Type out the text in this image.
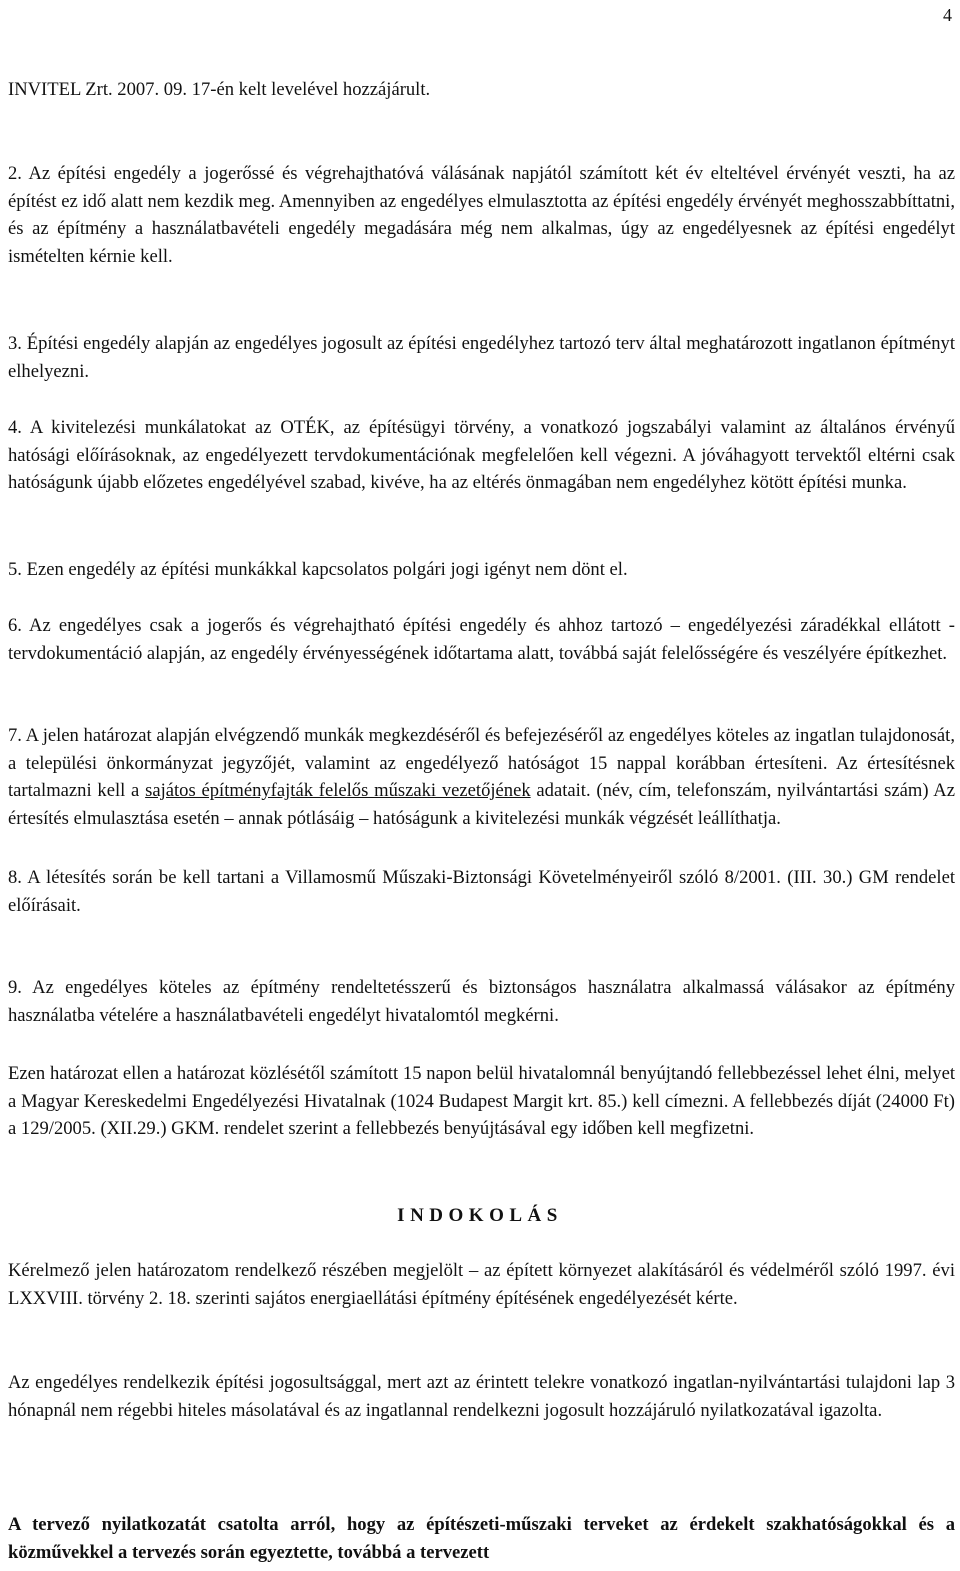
4

INVITEL Zrt. 2007. 09. 17-én kelt levelével hozzájárult.

2. Az építési engedély a jogerőssé és végrehajthatóvá válásának napjától számított két év elteltével érvényét veszti, ha az építést ez idő alatt nem kezdik meg. Amennyiben az engedélyes elmulasztotta az építési engedély érvényét meghosszabbíttatni, és az építmény a használatbavételi engedély megadására még nem alkalmas, úgy az engedélyesnek az építési engedélyt ismételten kérnie kell.

3. Építési engedély alapján az engedélyes jogosult az építési engedélyhez tartozó terv által meghatározott ingatlanon építményt elhelyezni.

4. A kivitelezési munkálatokat az OTÉK, az építésügyi törvény, a vonatkozó jogszabályi valamint az általános érvényű hatósági előírásoknak, az engedélyezett tervdokumentációnak megfelelően kell végezni. A jóváhagyott tervektől eltérni csak hatóságunk újabb előzetes engedélyével szabad, kivéve, ha az eltérés önmagában nem engedélyhez kötött építési munka.

5. Ezen engedély az építési munkákkal kapcsolatos polgári jogi igényt nem dönt el.

6. Az engedélyes csak a jogerős és végrehajtható építési engedély és ahhoz tartozó – engedélyezési záradékkal ellátott - tervdokumentáció alapján, az engedély érvényességének időtartama alatt, továbbá saját felelősségére és veszélyére építkezhet.

7. A jelen határozat alapján elvégzendő munkák megkezdéséről és befejezéséről az engedélyes köteles az ingatlan tulajdonosát, a települési önkormányzat jegyzőjét, valamint az engedélyező hatóságot 15 nappal korábban értesíteni. Az értesítésnek tartalmazni kell a sajátos építményfajták felelős műszaki vezetőjének adatait. (név, cím, telefonszám, nyilvántartási szám) Az értesítés elmulasztása esetén – annak pótlásáig – hatóságunk a kivitelezési munkák végzését leállíthatja.

8. A létesítés során be kell tartani a Villamosmű Műszaki-Biztonsági Követelményeiről szóló 8/2001. (III. 30.) GM rendelet előírásait.

9. Az engedélyes köteles az építmény rendeltetésszerű és biztonságos használatra alkalmassá válásakor az építmény használatba vételére a használatbavételi engedélyt hivatalomtól megkérni.

Ezen határozat ellen a határozat közlésétől számított 15 napon belül hivatalomnál benyújtandó fellebbezéssel lehet élni, melyet a Magyar Kereskedelmi Engedélyezési Hivatalnak (1024 Budapest Margit krt. 85.) kell címezni. A fellebbezés díját (24000 Ft) a 129/2005. (XII.29.) GKM. rendelet szerint a fellebbezés benyújtásával egy időben kell megfizetni.

INDOKOLÁS

Kérelmező jelen határozatom rendelkező részében megjelölt – az épített környezet alakításáról és védelméről szóló 1997. évi LXXVIII. törvény 2. 18. szerinti sajátos energiaellátási építmény építésének engedélyezését kérte.

Az engedélyes rendelkezik építési jogosultsággal, mert azt az érintett telekre vonatkozó ingatlan-nyilvántartási tulajdoni lap 3 hónapnál nem régebbi hiteles másolatával és az ingatlannal rendelkezni jogosult hozzájáruló nyilatkozatával igazolta.

A tervező nyilatkozatát csatolta arról, hogy az építészeti-műszaki terveket az érdekelt szakhatóságokkal és a közművekkel a tervezés során egyeztette, továbbá a tervezett
